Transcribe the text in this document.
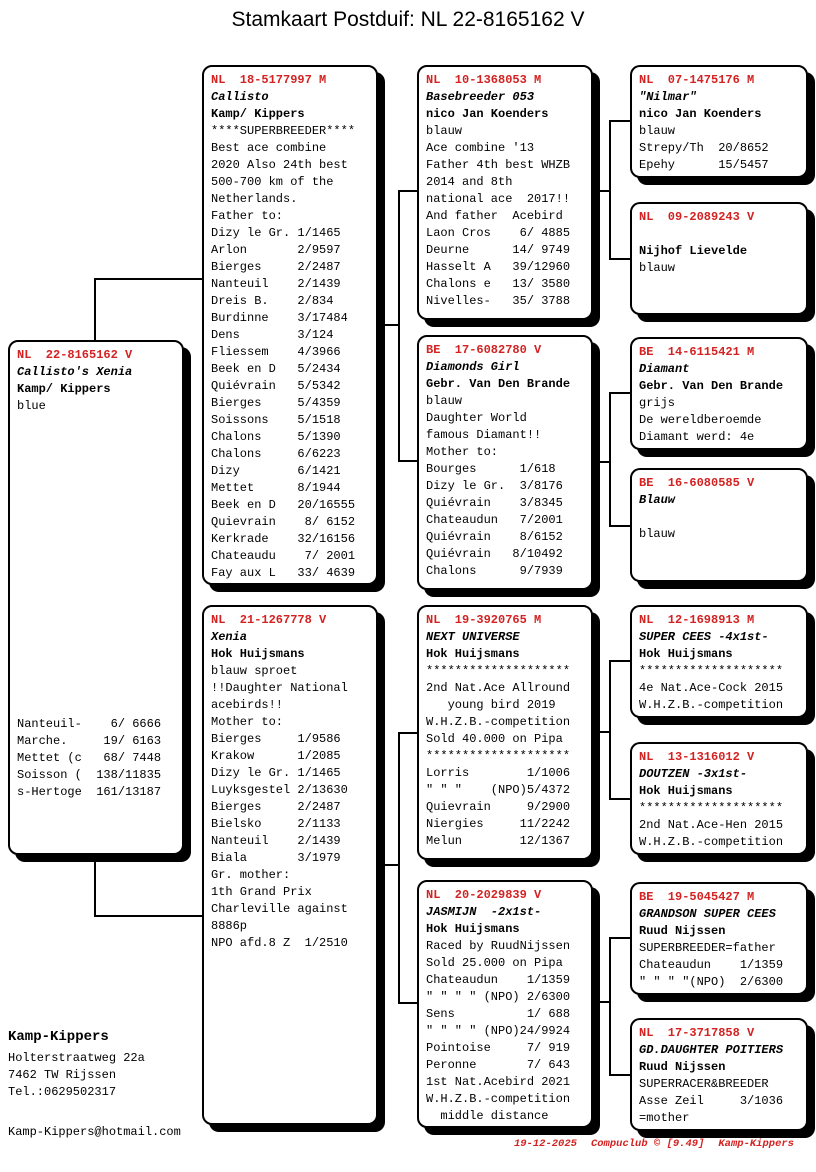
Stamkaart Postduif: NL 22-8165162 V
NL  22-8165162 V
Callisto's Xenia
Kamp/ Kippers
blue
Nanteuil-    6/ 6666
Marche.     19/ 6163
Mettet (c   68/ 7448
Soisson (  138/11835
s-Hertoge  161/13187
NL  18-5177997 M
Callisto
Kamp/ Kippers
****SUPERBREEDER****
Best ace combine
2020 Also 24th best
500-700 km of the
Netherlands.
Father to:
Dizy le Gr. 1/1465
Arlon       2/9597
Bierges     2/2487
Nanteuil    2/1439
Dreis B.    2/834
Burdinne    3/17484
Dens        3/124
Fliessem    4/3966
Beek en D   5/2434
Quiévrain   5/5342
Bierges     5/4359
Soissons    5/1518
Chalons     5/1390
Chalons     6/6223
Dizy        6/1421
Mettet      8/1944
Beek en D   20/16555
Quievrain    8/ 6152
Kerkrade    32/16156
Chateaudu    7/ 2001
Fay aux L   33/ 4639
NL  21-1267778 V
Xenia
Hok Huijsmans
blauw sproet
!!Daughter National
acebirds!!
Mother to:
Bierges     1/9586
Krakow      1/2085
Dizy le Gr. 1/1465
Luyksgestel 2/13630
Bierges     2/2487
Bielsko     2/1133
Nanteuil    2/1439
Biala       3/1979
Gr. mother:
1th Grand Prix
Charleville against
8886p
NPO afd.8 Z  1/2510
NL  10-1368053 M
Basebreeder 053
nico Jan Koenders
blauw
Ace combine '13
Father 4th best WHZB
2014 and 8th
national ace  2017!!
And father  Acebird
Laon Cros    6/ 4885
Deurne      14/ 9749
Hasselt A   39/12960
Chalons e   13/ 3580
Nivelles-   35/ 3788
BE  17-6082780 V
Diamonds Girl
Gebr. Van Den Brande
blauw
Daughter World
famous Diamant!!
Mother to:
Bourges      1/618
Dizy le Gr.  3/8176
Quiévrain    3/8345
Chateaudun   7/2001
Quiévrain    8/6152
Quiévrain   8/10492
Chalons      9/7939
NL  19-3920765 M
NEXT UNIVERSE
Hok Huijsmans
********************
2nd Nat.Ace Allround
young bird 2019
W.H.Z.B.-competition
Sold 40.000 on Pipa
********************
Lorris        1/1006
" " "    (NPO)5/4372
Quievrain     9/2900
Niergies     11/2242
Melun        12/1367
NL  20-2029839 V
JASMIJN  -2x1st-
Hok Huijsmans
Raced by RuudNijssen
Sold 25.000 on Pipa
Chateaudun    1/1359
" " " " (NPO) 2/6300
Sens          1/ 688
" " " " (NPO)24/9924
Pointoise     7/ 919
Peronne       7/ 643
1st Nat.Acebird 2021
W.H.Z.B.-competition
middle distance
NL  07-1475176 M
"Nilmar"
nico Jan Koenders
blauw
Strepy/Th  20/8652
Epehy      15/5457
NL  09-2089243 V

Nijhof Lievelde
blauw
BE  14-6115421 M
Diamant
Gebr. Van Den Brande
grijs
De wereldberoemde
Diamant werd: 4e
BE  16-6080585 V
Blauw

blauw
NL  12-1698913 M
SUPER CEES -4x1st-
Hok Huijsmans
********************
4e Nat.Ace-Cock 2015
W.H.Z.B.-competition
NL  13-1316012 V
DOUTZEN -3x1st-
Hok Huijsmans
********************
2nd Nat.Ace-Hen 2015
W.H.Z.B.-competition
BE  19-5045427 M
GRANDSON SUPER CEES
Ruud Nijssen
SUPERBREEDER=father
Chateaudun    1/1359
" " " "(NPO)  2/6300
NL  17-3717858 V
GD.DAUGHTER POITIERS
Ruud Nijssen
SUPERRACER&BREEDER
Asse Zeil     3/1036
=mother
Kamp-Kippers
Holterstraatweg 22a
7462 TW Rijssen
Tel.:0629502317
Kamp-Kippers@hotmail.com
19-12-2025 Compuclub © [9.49] Kamp-Kippers
